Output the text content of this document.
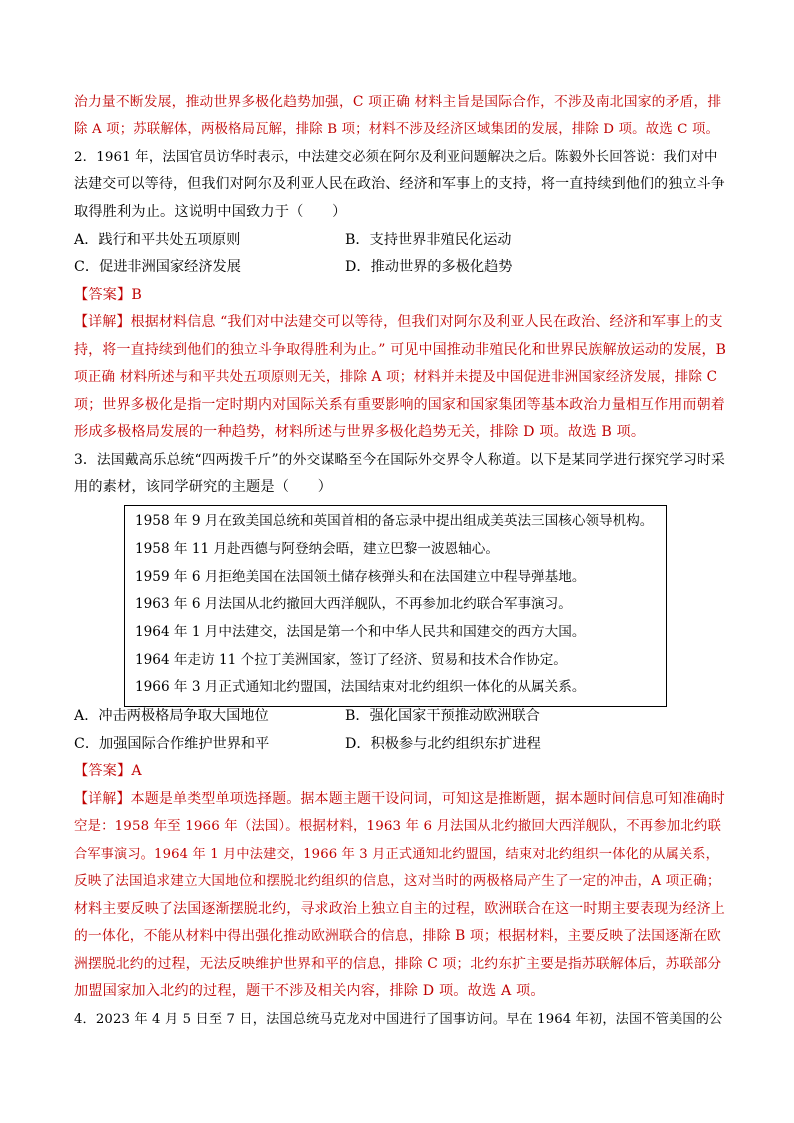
治力量不断发展，推动世界多极化趋势加强，C 项正确 材料主旨是国际合作，不涉及南北国家的矛盾，排
除 A 项；苏联解体，两极格局瓦解，排除 B 项；材料不涉及经济区域集团的发展，排除 D 项。故选 C 项。
2．1961 年，法国官员访华时表示，中法建交必须在阿尔及利亚问题解决之后。陈毅外长回答说：我们对中
法建交可以等待，但我们对阿尔及利亚人民在政治、经济和军事上的支持，将一直持续到他们的独立斗争
取得胜利为止。这说明中国致力于（　　）
A．践行和平共处五项原则	B．支持世界非殖民化运动
C．促进非洲国家经济发展	D．推动世界的多极化趋势
【答案】B
【详解】根据材料信息 “我们对中法建交可以等待，但我们对阿尔及利亚人民在政治、经济和军事上的支
持，将一直持续到他们的独立斗争取得胜利为止。” 可见中国推动非殖民化和世界民族解放运动的发展，B
项正确 材料所述与和平共处五项原则无关，排除 A 项；材料并未提及中国促进非洲国家经济发展，排除 C
项；世界多极化是指一定时期内对国际关系有重要影响的国家和国家集团等基本政治力量相互作用而朝着
形成多极格局发展的一种趋势，材料所述与世界多极化趋势无关，排除 D 项。故选 B 项。
3．法国戴高乐总统“四两拨千斤”的外交谋略至今在国际外交界令人称道。以下是某同学进行探究学习时采
用的素材，该同学研究的主题是（　　）
1958 年 9 月在致美国总统和英国首相的备忘录中提出组成美英法三国核心领导机构。
1958 年 11 月赴西德与阿登纳会晤，建立巴黎一波恩轴心。
1959 年 6 月拒绝美国在法国领土储存核弹头和在法国建立中程导弹基地。
1963 年 6 月法国从北约撤回大西洋舰队，不再参加北约联合军事演习。
1964 年 1 月中法建交，法国是第一个和中华人民共和国建交的西方大国。
1964 年走访 11 个拉丁美洲国家，签订了经济、贸易和技术合作协定。
1966 年 3 月正式通知北约盟国，法国结束对北约组织一体化的从属关系。
A．冲击两极格局争取大国地位	B．强化国家干预推动欧洲联合
C．加强国际合作维护世界和平	D．积极参与北约组织东扩进程
【答案】A
【详解】本题是单类型单项选择题。据本题主题干设问词，可知这是推断题，据本题时间信息可知准确时
空是：1958 年至 1966 年（法国）。根据材料，1963 年 6 月法国从北约撤回大西洋舰队，不再参加北约联
合军事演习。1964 年 1 月中法建交，1966 年 3 月正式通知北约盟国，结束对北约组织一体化的从属关系，
反映了法国追求建立大国地位和摆脱北约组织的信息，这对当时的两极格局产生了一定的冲击，A 项正确；
材料主要反映了法国逐渐摆脱北约，寻求政治上独立自主的过程，欧洲联合在这一时期主要表现为经济上
的一体化，不能从材料中得出强化推动欧洲联合的信息，排除 B 项；根据材料，主要反映了法国逐渐在欧
洲摆脱北约的过程，无法反映维护世界和平的信息，排除 C 项；北约东扩主要是指苏联解体后，苏联部分
加盟国家加入北约的过程，题干不涉及相关内容，排除 D 项。故选 A 项。
4．2023 年 4 月 5 日至 7 日，法国总统马克龙对中国进行了国事访问。早在 1964 年初，法国不管美国的公
